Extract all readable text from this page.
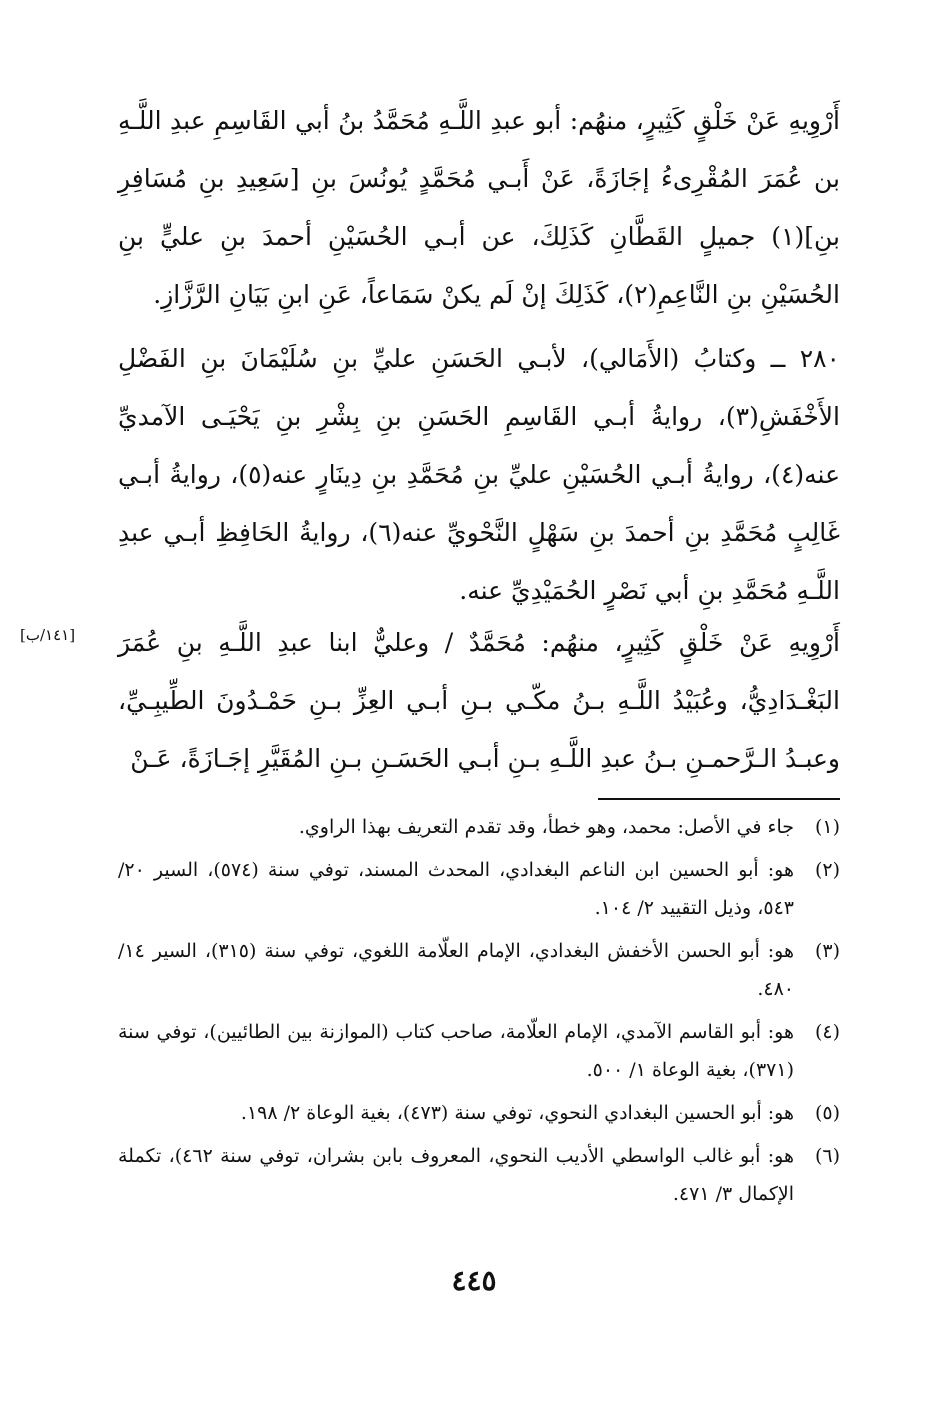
أَرْوِيهِ عَنْ خَلْقٍ كَثِيرٍ، منهُم: أبو عبدِ اللَّـهِ مُحَمَّدُ بنُ أبي القَاسِمِ عبدِ اللَّـهِ بن عُمَرَ المُقْرِىءُ إجَازَةً، عَنْ أَبـي مُحَمَّدٍ يُونُسَ بنِ [سَعِيدِ بنِ مُسَافِرِ بنِ](١) جميلٍ القَطَّانِ كَذَلِكَ، عن أبـي الحُسَيْنِ أحمدَ بنِ عليٍّ بنِ الحُسَيْنِ بنِ النَّاعِمِ(٢)، كَذَلِكَ إنْ لَم يكنْ سَمَاعاً، عَنِ ابنِ بَيَانِ الرَّزَّازِ.

٢٨٠ ــ وكتابُ (الأَمَالي)، لأبـي الحَسَنِ عليِّ بنِ سُلَيْمَانَ بنِ الفَضْلِ الأَخْفَشِ(٣)، روايةُ أبـي القَاسِمِ الحَسَنِ بنِ بِشْرِ بنِ يَحْيَـى الآمديِّ عنه(٤)، روايةُ أبـي الحُسَيْنِ عليِّ بنِ مُحَمَّدِ بنِ دِينَارٍ عنه(٥)، روايةُ أبـي غَالِبٍ مُحَمَّدِ بنِ أحمدَ بنِ سَهْلٍ النَّحْويِّ عنه(٦)، روايةُ الحَافِظِ أبـي عبدِ اللَّـهِ مُحَمَّدِ بنِ أبي نَصْرٍ الحُمَيْدِيِّ عنه.

أَرْوِيهِ عَنْ خَلْقٍ كَثِيرٍ، منهُم: مُحَمَّدٌ / وعليٌّ ابنا عبدِ اللَّـهِ بنِ عُمَرَ البَغْـدَادِيُّ، وعُبَيْدُ اللَّـهِ بـنُ مكّـي بـنِ أبـي العِزِّ بـنِ حَمْـدُونَ الطِّيبِـيِّ، وعبـدُ الـرَّحمـنِ بـنُ عبدِ اللَّـهِ بـنِ أبـي الحَسَـنِ بـنِ المُقَيَّرِ إجَـازَةً، عَـنْ

[١٤١/ب]
(١)
جاء في الأصل: محمد، وهو خطأ، وقد تقدم التعريف بهذا الراوي.
(٢)
هو: أبو الحسين ابن الناعم البغدادي، المحدث المسند، توفي سنة (٥٧٤)، السير ٢٠/ ٥٤٣، وذيل التقييد ٢/ ١٠٤.
(٣)
هو: أبو الحسن الأخفش البغدادي، الإمام العلّامة اللغوي، توفي سنة (٣١٥)، السير ١٤/ ٤٨٠.
(٤)
هو: أبو القاسم الآمدي، الإمام العلّامة، صاحب كتاب (الموازنة بين الطائيين)، توفي سنة (٣٧١)، بغية الوعاة ١/ ٥٠٠.
(٥)
هو: أبو الحسين البغدادي النحوي، توفي سنة (٤٧٣)، بغية الوعاة ٢/ ١٩٨.
(٦)
هو: أبو غالب الواسطي الأديب النحوي، المعروف بابن بشران، توفي سنة ٤٦٢)، تكملة الإكمال ٣/ ٤٧١.
٤٤٥
